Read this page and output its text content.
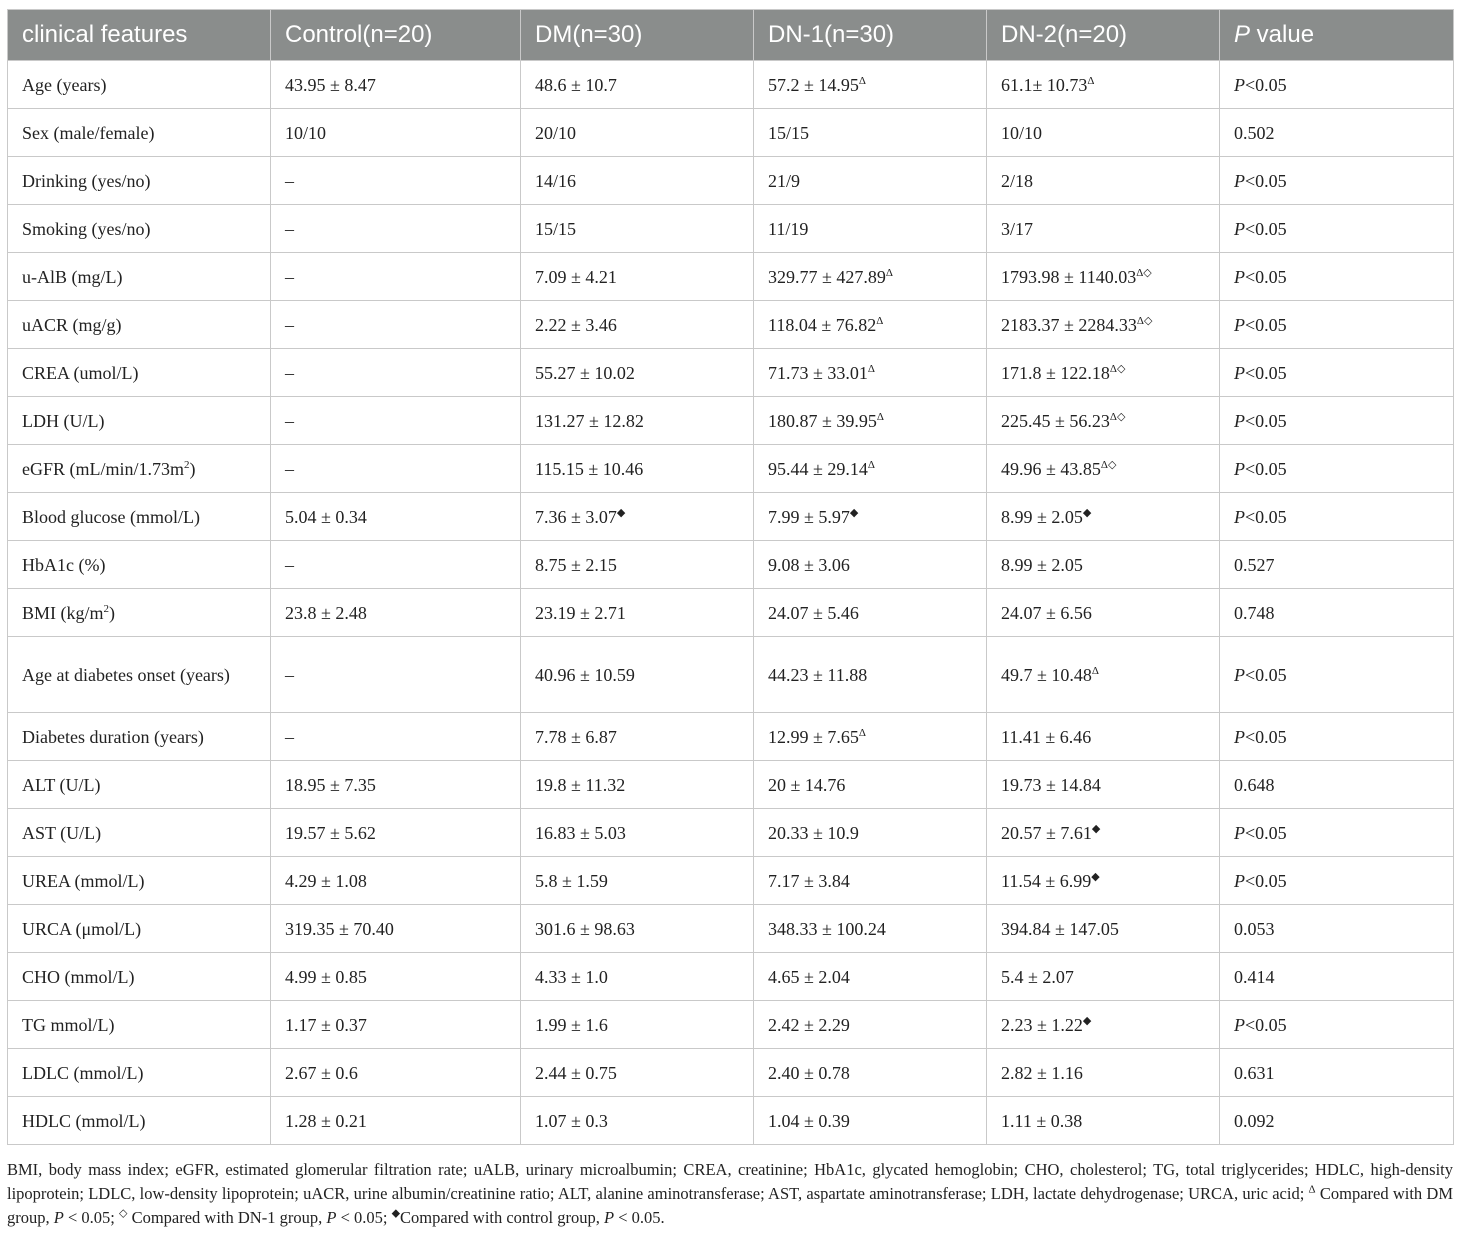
clinical features	Control(n=20)	DM(n=30)	DN-1(n=30)	DN-2(n=20)	P value
Age (years)	43.95 ± 8.47	48.6 ± 10.7	$57.2 \pm 14.95^\Delta$	$61.1\pm 10.73^\Delta$	P<0.05
Sex (male/female)	10/10	20/10	15/15	10/10	0.502
Drinking (yes/no)	–	14/16	21/9	2/18	P<0.05
Smoking (yes/no)	–	15/15	11/19	3/17	P<0.05
u-AlB (mg/L)	–	7.09 ± 4.21	$329.77 \pm 427.89^\Delta$	$1793.98 \pm 1140.03^{\Delta◇}$	P<0.05
uACR (mg/g)	–	2.22 ± 3.46	$118.04 \pm 76.82^\Delta$	$2183.37 \pm 2284.33^{\Delta◇}$	P<0.05
CREA (umol/L)	–	55.27 ± 10.02	$71.73 \pm 33.01^\Delta$	$171.8 \pm 122.18^{\Delta◇}$	P<0.05
LDH (U/L)	–	131.27 ± 12.82	$180.87 \pm 39.95^\Delta$	$225.45 \pm 56.23^{\Delta◇}$	P<0.05
eGFR $(mL/\min/1.73m^2)$	–	115.15 ± 10.46	$95.44 \pm 29.14^\Delta$	$49.96 \pm 43.85^{\Delta◇}$	P<0.05
Blood glucose (mmol/L)	5.04 ± 0.34	7.36 ± 3.07◆	7.99 ± 5.97◆	8.99 ± 2.05◆	P<0.05
HbA1c (%)	–	8.75 ± 2.15	9.08 ± 3.06	8.99 ± 2.05	0.527
BMI $(kg/m^2)$	23.8 ± 2.48	23.19 ± 2.71	24.07 ± 5.46	24.07 ± 6.56	0.748
Age at diabetes onset (years)	–	40.96 ± 10.59	44.23 ± 11.88	$49.7 \pm 10.48^\Delta$	P<0.05
Diabetes duration (years)	–	7.78 ± 6.87	$12.99 \pm 7.65^\Delta$	11.41 ± 6.46	P<0.05
ALT (U/L)	18.95 ± 7.35	19.8 ± 11.32	20 ± 14.76	19.73 ± 14.84	0.648
AST (U/L)	19.57 ± 5.62	16.83 ± 5.03	20.33 ± 10.9	20.57 ± 7.61◆	P<0.05
UREA (mmol/L)	4.29 ± 1.08	5.8 ± 1.59	7.17 ± 3.84	11.54 ± 6.99◆	P<0.05
URCA (μmol/L)	319.35 ± 70.40	301.6 ± 98.63	348.33 ± 100.24	394.84 ± 147.05	0.053
CHO (mmol/L)	4.99 ± 0.85	4.33 ± 1.0	4.65 ± 2.04	5.4 ± 2.07	0.414
TG mmol/L)	1.17 ± 0.37	1.99 ± 1.6	2.42 ± 2.29	2.23 ± 1.22◆	P<0.05
LDLC (mmol/L)	2.67 ± 0.6	2.44 ± 0.75	2.40 ± 0.78	2.82 ± 1.16	0.631
HDLC (mmol/L)	1.28 ± 0.21	1.07 ± 0.3	1.04 ± 0.39	1.11 ± 0.38	0.092

BMI, body mass index; eGFR, estimated glomerular filtration rate; uALB, urinary microalbumin; CREA, creatinine; HbA1c, glycated hemoglobin; CHO, cholesterol; TG, total triglycerides; HDLC, high-density lipoprotein; LDLC, low-density lipoprotein; uACR, urine albumin/creatinine ratio; ALT, alanine aminotransferase; AST, aspartate aminotransferase; LDH, lactate dehydrogenase; URCA, uric acid; $^\Delta$ Compared with DM group, P < 0.05; ◇ Compared with DN-1 group, P < 0.05; ◆Compared with control group, P < 0.05.
